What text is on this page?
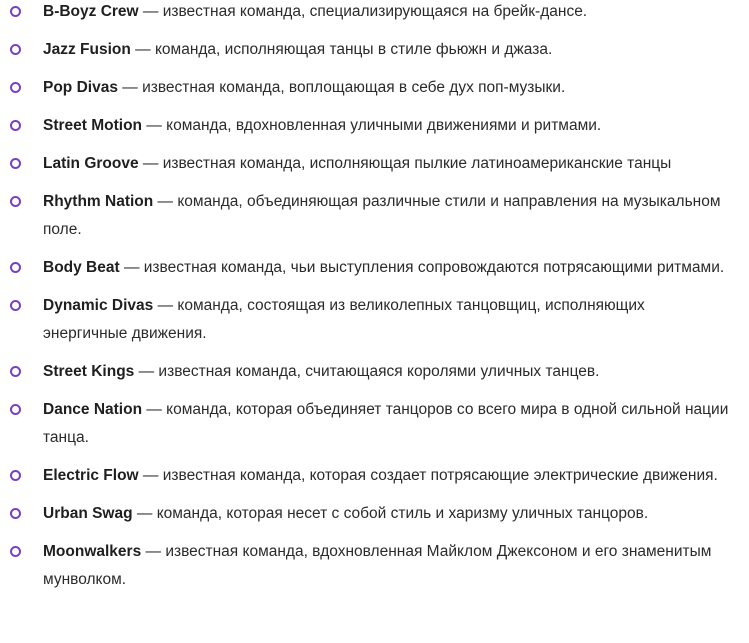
B-Boyz Crew — известная команда, специализирующаяся на брейк-дансе.
Jazz Fusion — команда, исполняющая танцы в стиле фьюжн и джаза.
Pop Divas — известная команда, воплощающая в себе дух поп-музыки.
Street Motion — команда, вдохновленная уличными движениями и ритмами.
Latin Groove — известная команда, исполняющая пылкие латиноамериканские танцы
Rhythm Nation — команда, объединяющая различные стили и направления на музыкальном поле.
Body Beat — известная команда, чьи выступления сопровождаются потрясающими ритмами.
Dynamic Divas — команда, состоящая из великолепных танцовщиц, исполняющих энергичные движения.
Street Kings — известная команда, считающаяся королями уличных танцев.
Dance Nation — команда, которая объединяет танцоров со всего мира в одной сильной нации танца.
Electric Flow — известная команда, которая создает потрясающие электрические движения.
Urban Swag — команда, которая несет с собой стиль и харизму уличных танцоров.
Moonwalkers — известная команда, вдохновленная Майклом Джексоном и его знаменитым мунволком.
